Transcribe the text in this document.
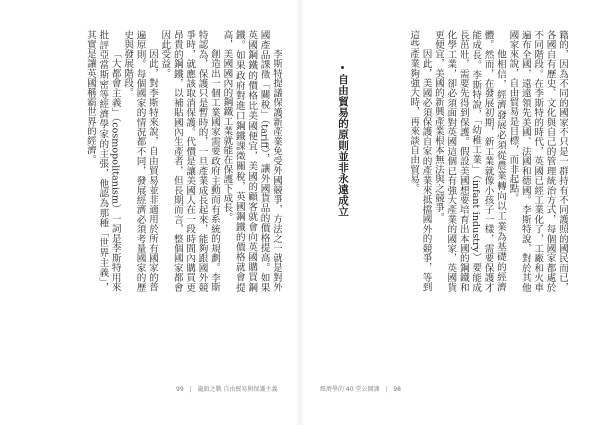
籍的，因為不同的國家不只是一群持有不同護照的國民而已，各國自有歷史、文化與自己的管理統治方式，每個國家都處於不同階段。在李斯特的時代，英國已經工業化了，工廠和火車遍布全國，遠遠領先美國、法國和德國。李斯特說，對於其他國家來說，自由貿易是目標，而非起點。

他相信，經濟發展必須從農業轉向以工業為基礎的經濟體。然而，在發展初期，新工業就像小孩子一樣，需要保護才能成長。李斯特說，「幼稚工業」（infant industry）要能成長茁壯，需要先得到保護。假設美國想要培育出本國的鋼鐵和化學工業，卻必須面對英國這個已有強大產業的國家，英國貨更便宜，美國的新興產業根本無法與之競爭。

因此，美國必須保護自家的產業來抵擋國外的競爭，等到這些產業夠強大時，再來談自由貿易。

自由貿易的原則並非永遠成立

李斯特提議保護新產業免受外國競爭，方法之一就是對外國產品課徵「關稅」（tariff），讓外國貨品的價格提高。如果英國鋼鐵的價格比美國便宜，美國的顧客就會向英國購買鋼鐵。如果政府對進口鋼鐵課徵關稅，英國鋼鐵的價格就會提高，美國國內的鋼鐵工業就能在保護下成長。

創造出一個工業國家需要政府主動而有系統的規劃。李斯特認為，保護只是暫時的，一旦產業成長起來，能夠跟國外競爭時，就應該取消保護。代價是讓美國人在一段時間內購買更昂貴的鋼鐵，以補貼國內生產者，但長期而言，整個國家都會因此受益。

因此，對李斯特來說，自由貿易並非適用於所有國家的普遍原則。每個國家的情況都不同，發展經濟必須考量國家的歷史與發展階段。

「大都會主義」（cosmopolitanism）一詞是李斯特用來批評亞當斯密等經濟學家的主張，他認為那種「世界主義」，其實是讓英國稱霸世界的經濟。

99 | 龍頭之戰 自由貿易與保護主義	經濟學的 40 堂公開課 | 98
